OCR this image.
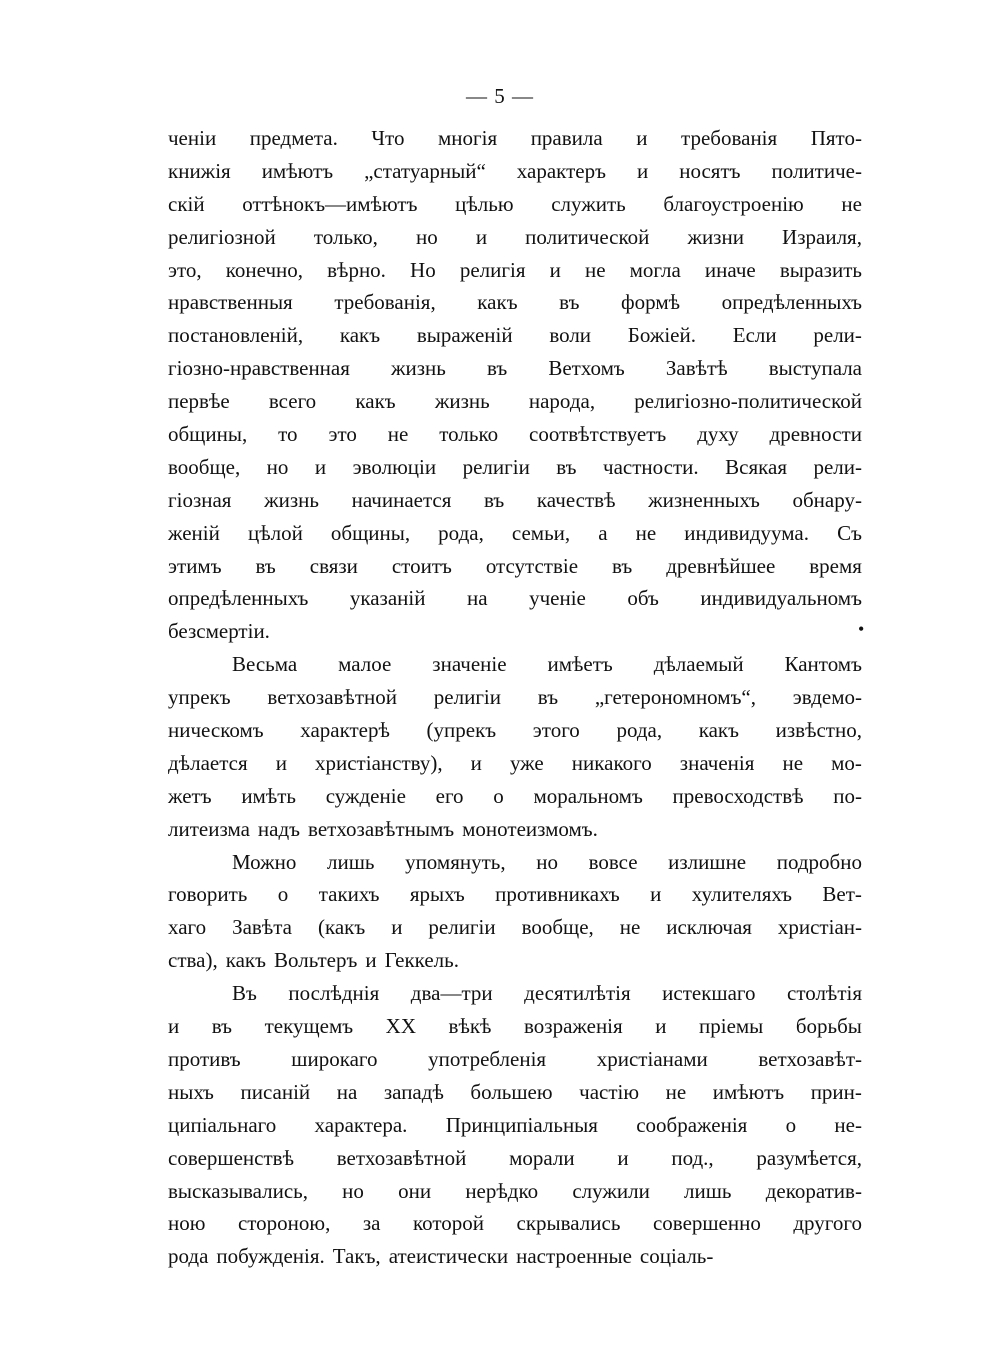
— 5 —
ченіи предмета. Что многія правила и требованія Пято-
книжія имѣютъ „статуарный“ характеръ и носятъ политиче-
скій оттѣнокъ—имѣютъ цѣлью служить благоустроенію не
религіозной только, но и политической жизни Израиля,
это, конечно, вѣрно. Но религія и не могла иначе выразить
нравственныя требованія, какъ въ формѣ опредѣленныхъ
постановленій, какъ выраженій воли Божіей. Если рели-
гіозно-нравственная жизнь въ Ветхомъ Завѣтѣ выступала
первѣе всего какъ жизнь народа, религіозно-политической
общины, то это не только соотвѣтствуетъ духу древности
вообще, но и эволюціи религіи въ частности. Всякая рели-
гіозная жизнь начинается въ качествѣ жизненныхъ обнару-
женій цѣлой общины, рода, семьи, а не индивидуума. Съ
этимъ въ связи стоитъ отсутствіе въ древнѣйшее время
опредѣленныхъ указаній на ученіе объ индивидуальномъ
безсмертіи.
Весьма малое значеніе имѣетъ дѣлаемый Кантомъ
упрекъ ветхозавѣтной религіи въ „гетерономномъ“, эвдемо-
ническомъ характерѣ (упрекъ этого рода, какъ извѣстно,
дѣлается и христіанству), и уже никакого значенія не мо-
жетъ имѣть сужденіе его о моральномъ превосходствѣ по-
литеизма надъ ветхозавѣтнымъ монотеизмомъ.
Можно лишь упомянуть, но вовсе излишне подробно
говорить о такихъ ярыхъ противникахъ и хулителяхъ Вет-
хаго Завѣта (какъ и религіи вообще, не исключая христіан-
ства), какъ Вольтеръ и Геккель.
Въ послѣднія два—три десятилѣтія истекшаго столѣтія
и въ текущемъ XX вѣкѣ возраженія и пріемы борьбы
противъ широкаго употребленія христіанами ветхозавѣт-
ныхъ писаній на западѣ большею частію не имѣютъ прин-
ципіальнаго характера. Принципіальныя соображенія о не-
совершенствѣ ветхозавѣтной морали и под., разумѣется,
высказывались, но они нерѣдко служили лишь декоратив-
ною стороною, за которой скрывались совершенно другого
рода побужденія. Такъ, атеистически настроенные соціаль-
•
